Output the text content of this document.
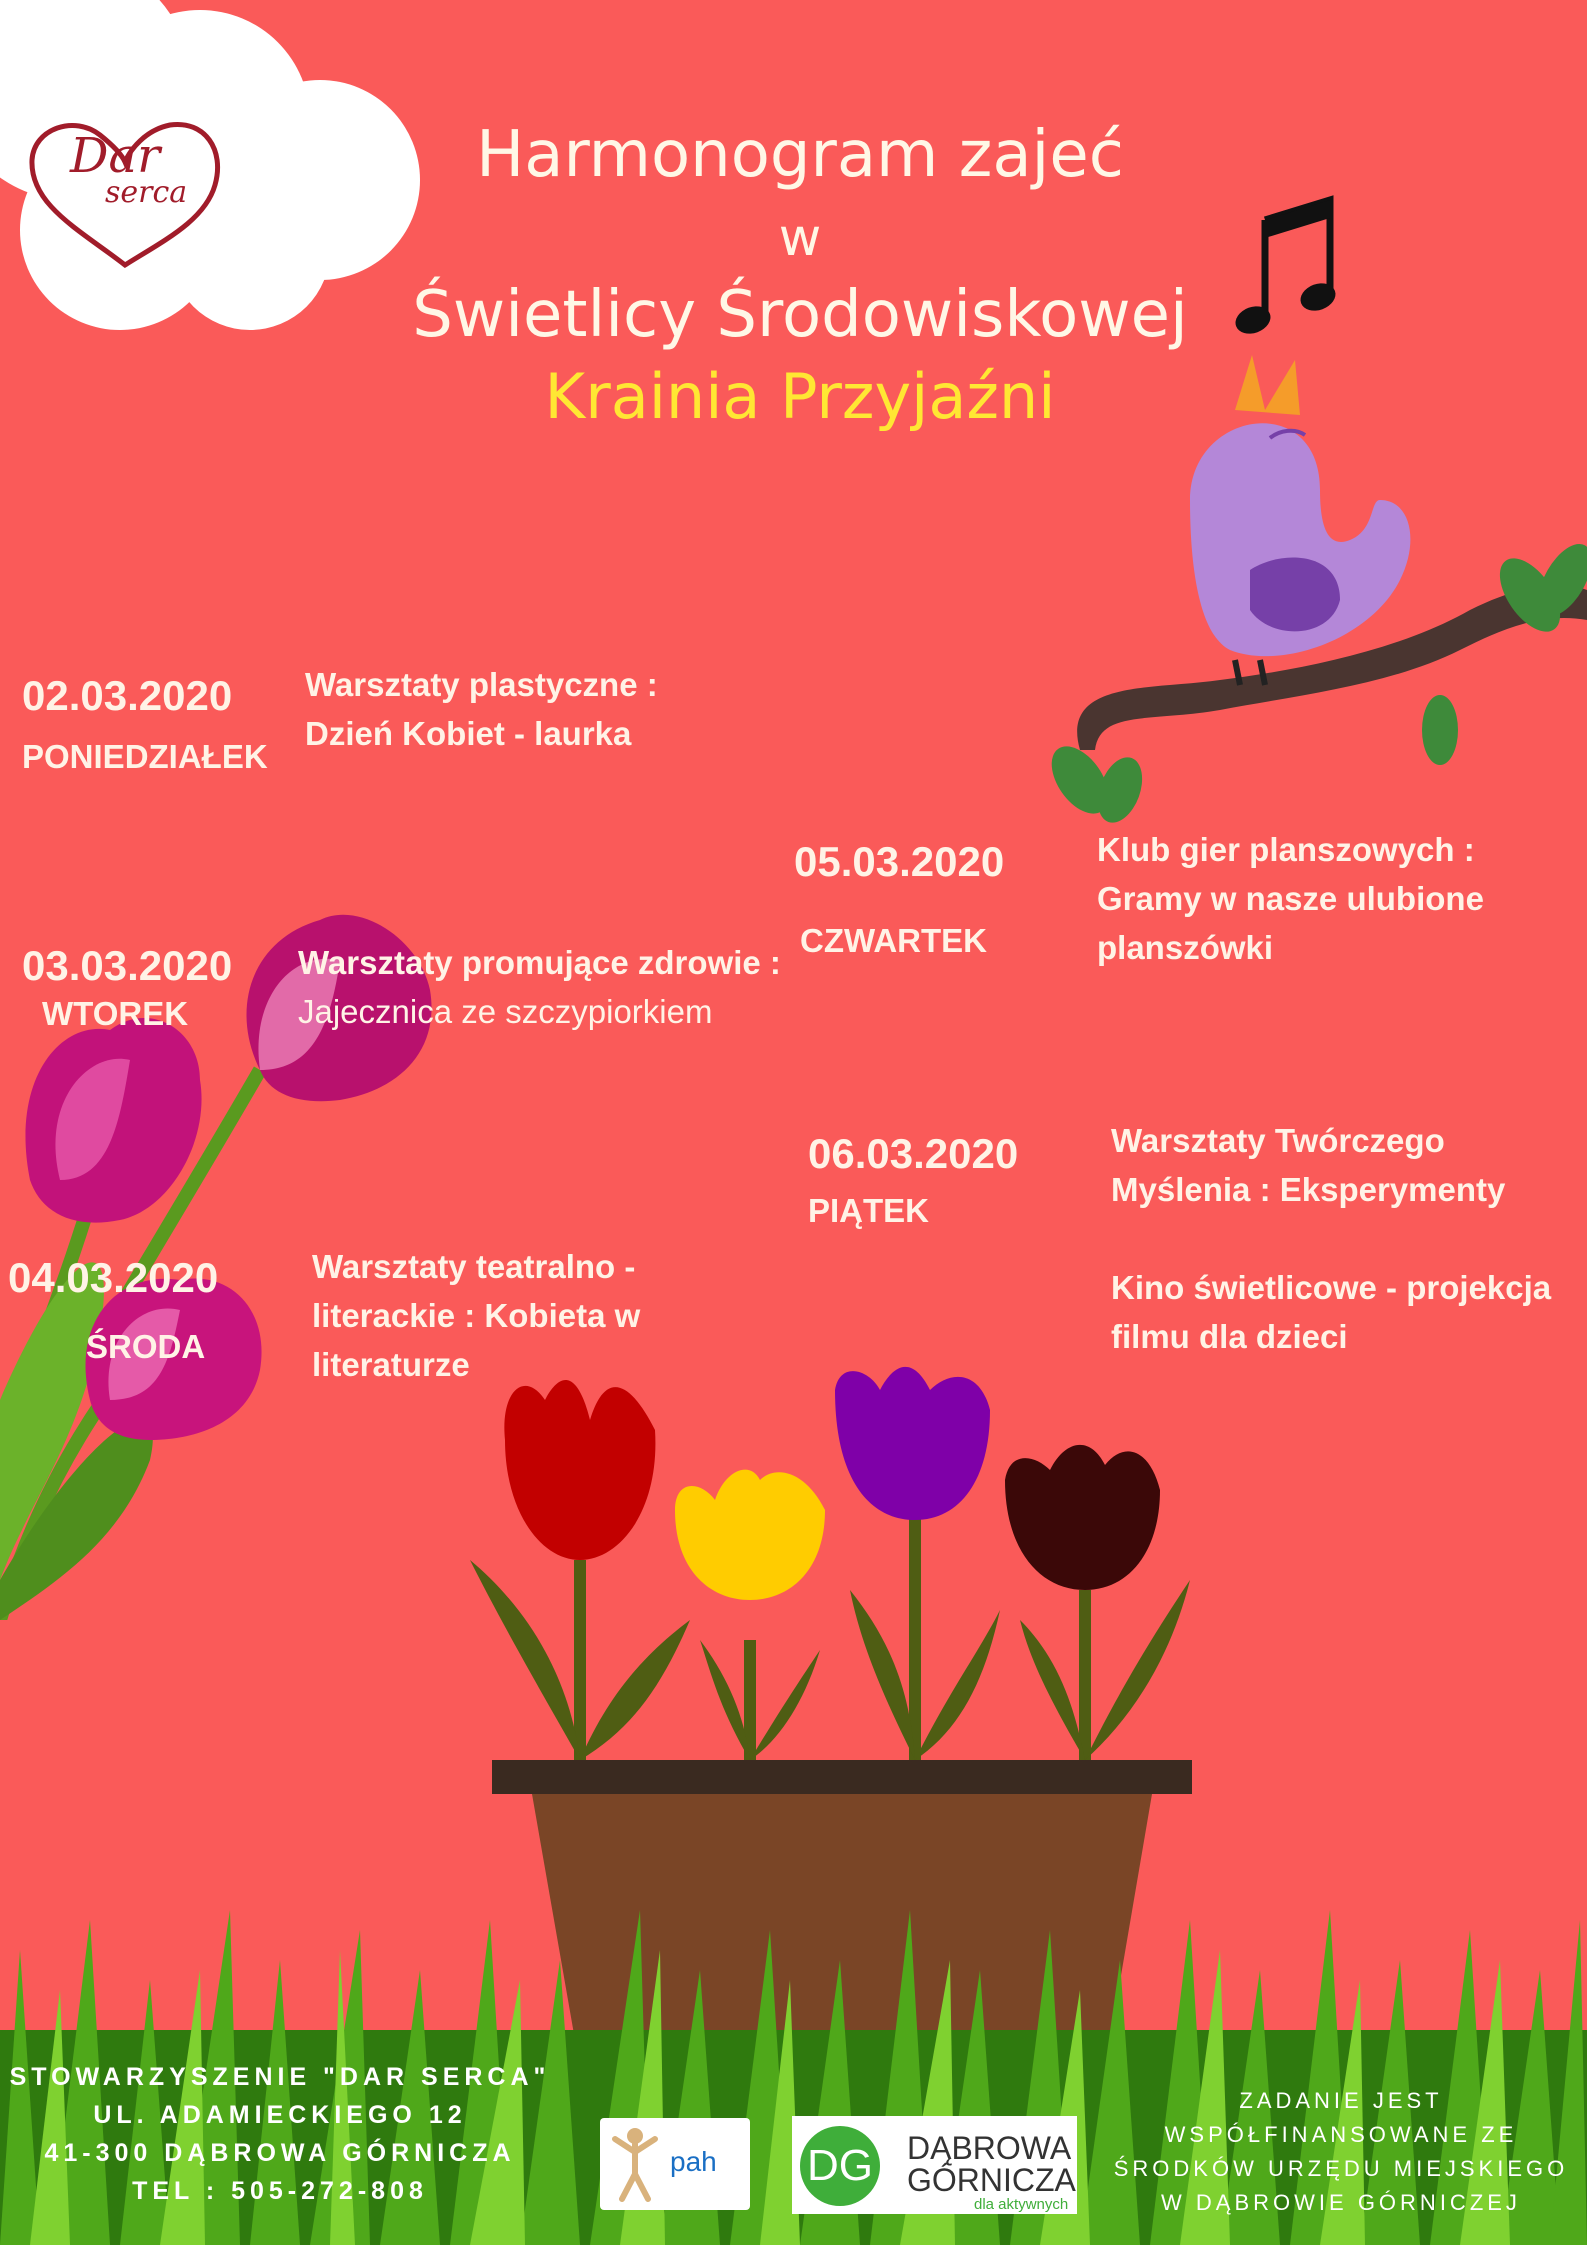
Dar
serca
Harmonogram zajeć
w
Świetlicy Środowiskowej
Krainia Przyjaźni
02.03.2020
PONIEDZIAŁEK
Warsztaty plastyczne :
Dzień Kobiet - laurka
03.03.2020
WTOREK
Warsztaty promujące zdrowie :
Jajecznica ze szczypiorkiem
04.03.2020
ŚRODA
Warsztaty teatralno -
literackie : Kobieta w
literaturze
05.03.2020
CZWARTEK
Klub gier planszowych :
Gramy w nasze ulubione
planszówki
06.03.2020
PIĄTEK
Warsztaty Twórczego
Myślenia : Eksperymenty
Kino świetlicowe - projekcja
filmu dla dzieci
STOWARZYSZENIE "DAR SERCA"
UL. ADAMIECKIEGO 12
41-300 DĄBROWA GÓRNICZA
TEL : 505-272-808
pah DG DĄBROWA
GÓRNICZA
dla aktywnych
ZADANIE JEST
WSPÓŁFINANSOWANE ZE
ŚRODKÓW URZĘDU MIEJSKIEGO
W DĄBROWIE GÓRNICZEJ
